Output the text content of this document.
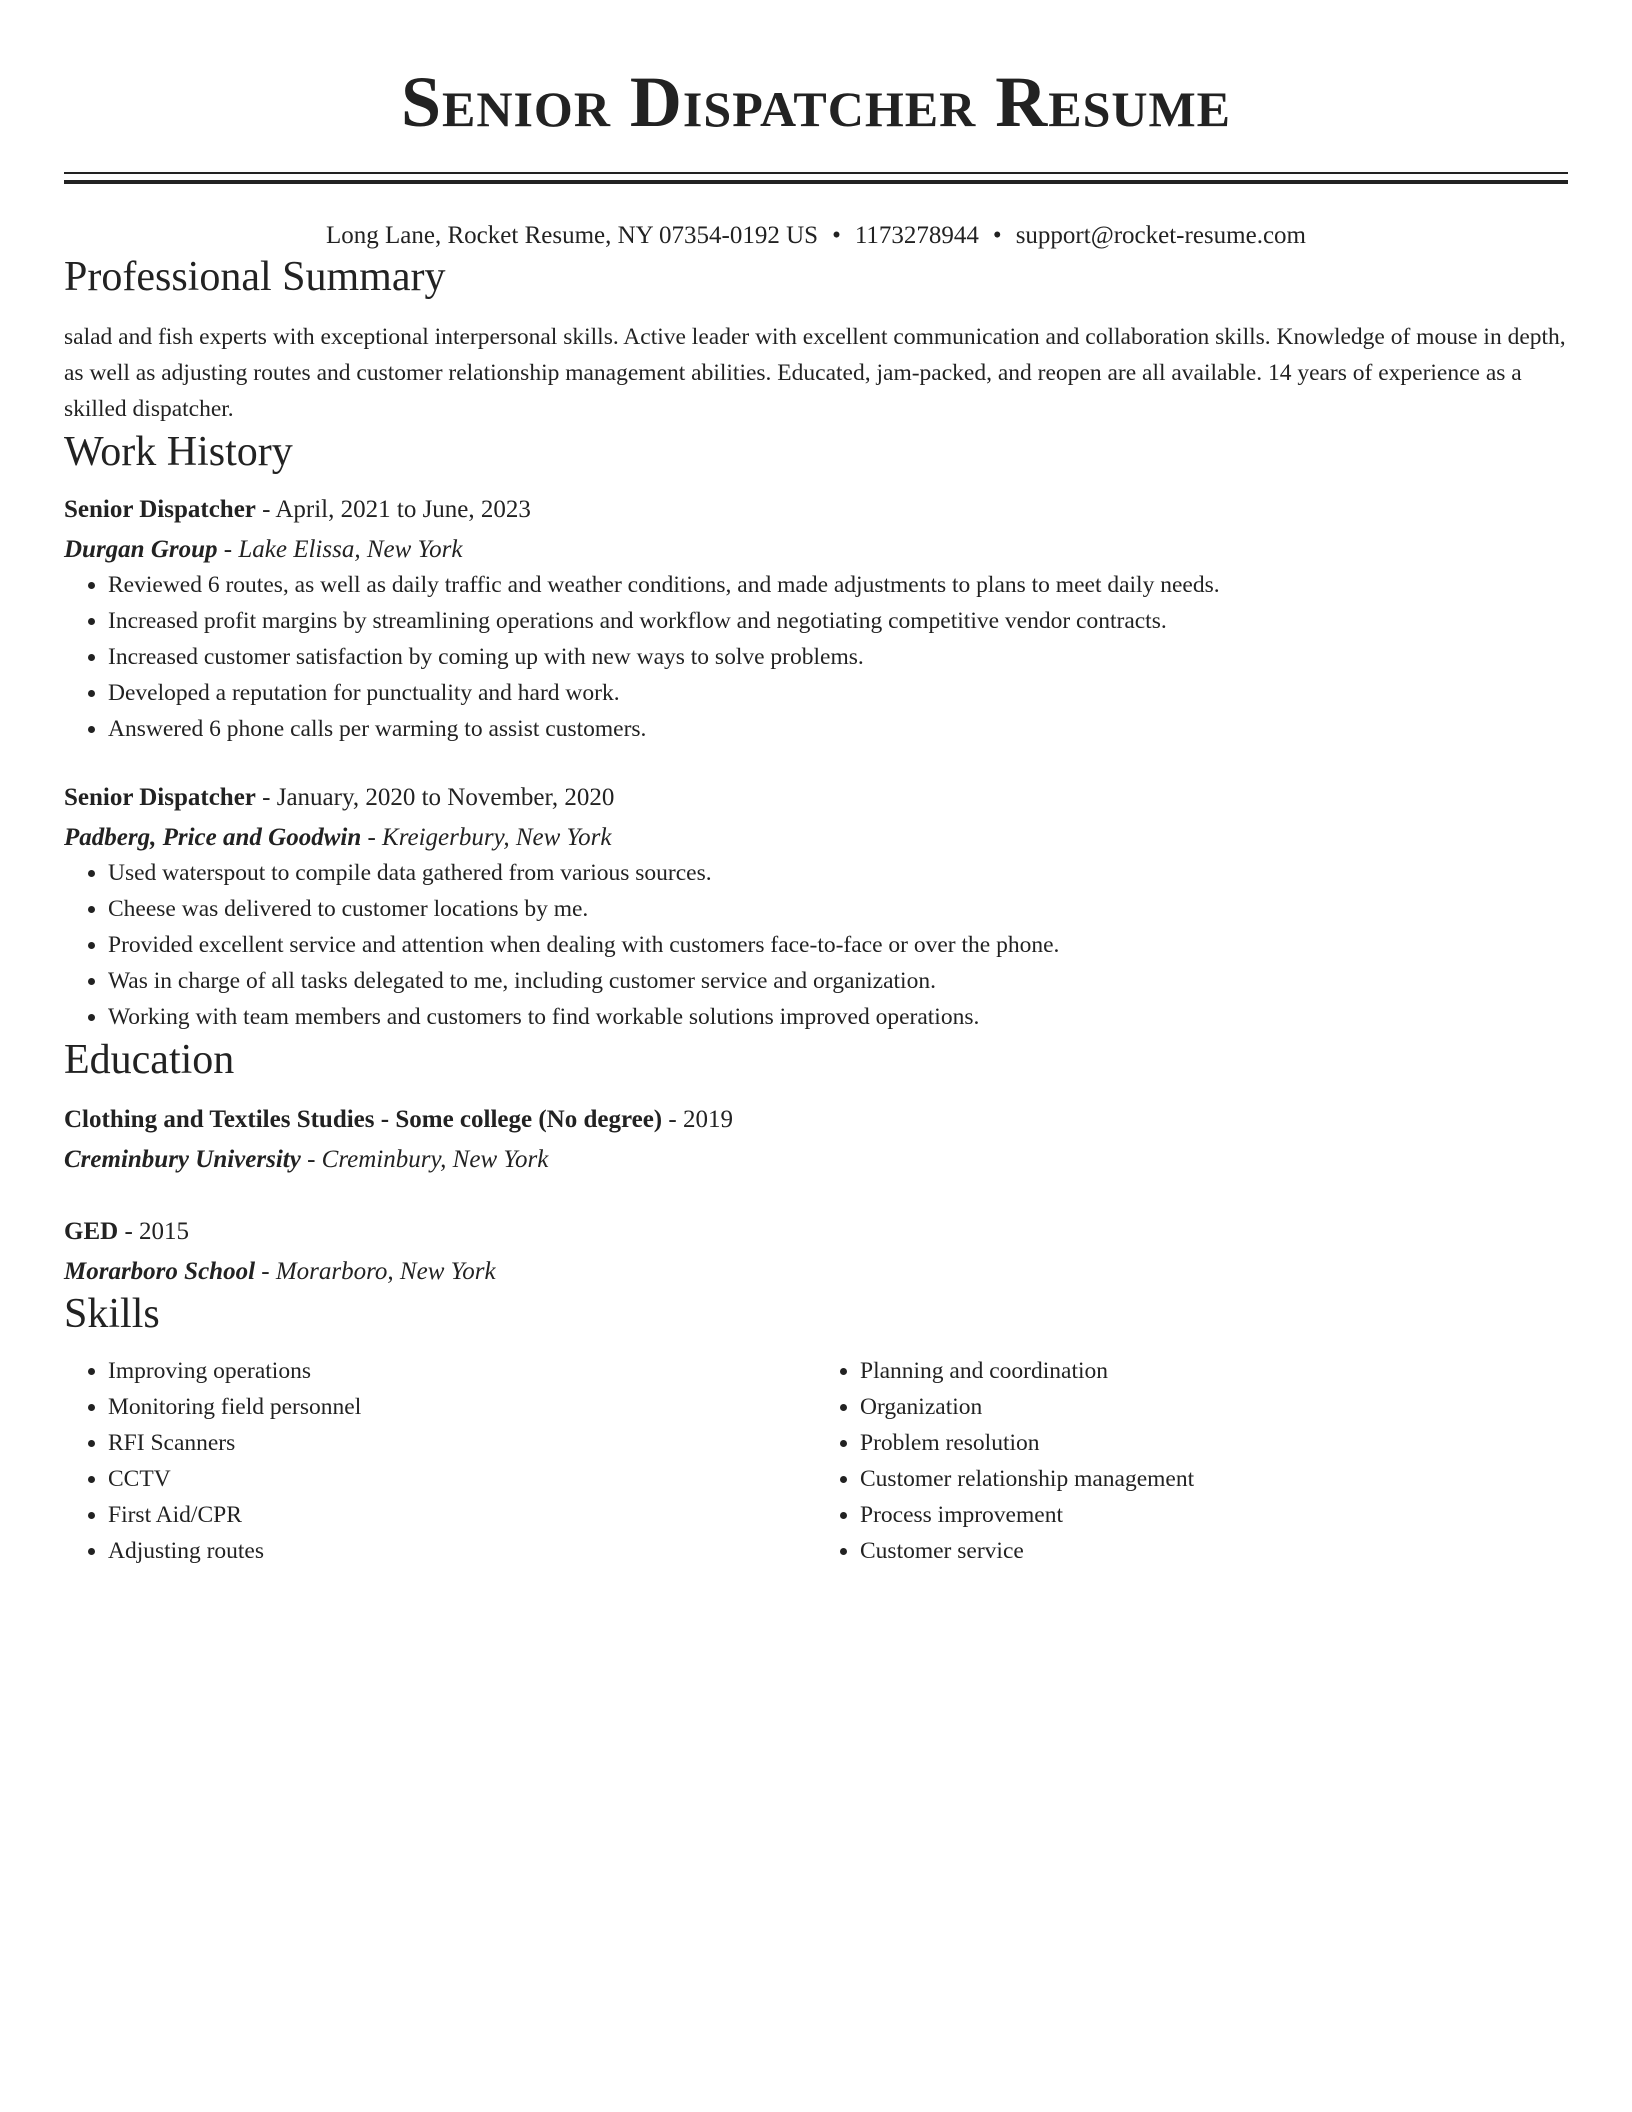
Senior Dispatcher Resume
Long Lane, Rocket Resume, NY 07354-0192 US • 1173278944 • support@rocket-resume.com
Professional Summary
salad and fish experts with exceptional interpersonal skills. Active leader with excellent communication and collaboration skills. Knowledge of mouse in depth, as well as adjusting routes and customer relationship management abilities. Educated, jam-packed, and reopen are all available. 14 years of experience as a skilled dispatcher.
Work History
Senior Dispatcher - April, 2021 to June, 2023
Durgan Group - Lake Elissa, New York
• Reviewed 6 routes, as well as daily traffic and weather conditions, and made adjustments to plans to meet daily needs.
• Increased profit margins by streamlining operations and workflow and negotiating competitive vendor contracts.
• Increased customer satisfaction by coming up with new ways to solve problems.
• Developed a reputation for punctuality and hard work.
• Answered 6 phone calls per warming to assist customers.
Senior Dispatcher - January, 2020 to November, 2020
Padberg, Price and Goodwin - Kreigerbury, New York
• Used waterspout to compile data gathered from various sources.
• Cheese was delivered to customer locations by me.
• Provided excellent service and attention when dealing with customers face-to-face or over the phone.
• Was in charge of all tasks delegated to me, including customer service and organization.
• Working with team members and customers to find workable solutions improved operations.
Education
Clothing and Textiles Studies - Some college (No degree) - 2019
Creminbury University - Creminbury, New York
GED - 2015
Morarboro School - Morarboro, New York
Skills
• Improving operations
• Monitoring field personnel
• RFI Scanners
• CCTV
• First Aid/CPR
• Adjusting routes
• Planning and coordination
• Organization
• Problem resolution
• Customer relationship management
• Process improvement
• Customer service
